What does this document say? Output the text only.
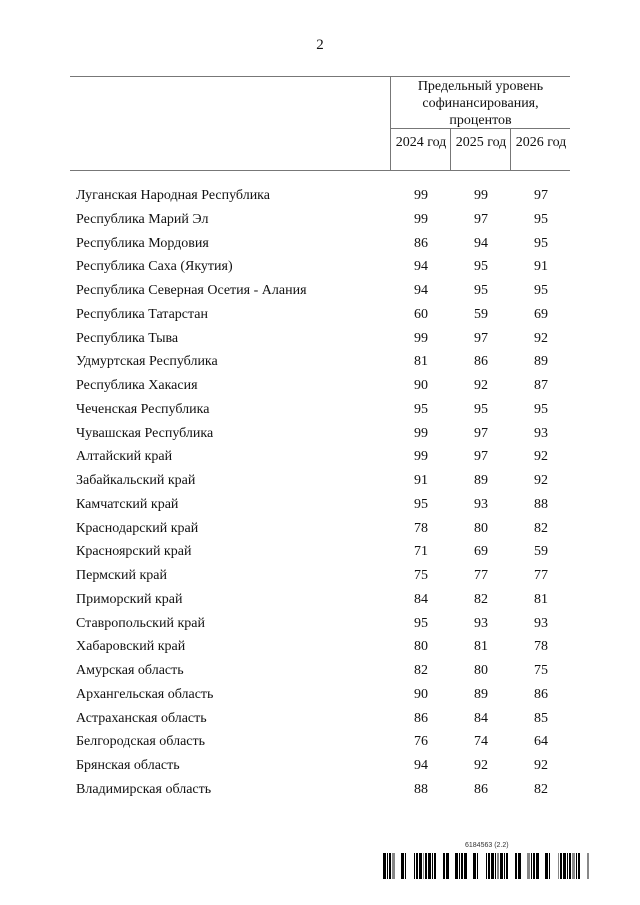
2
Предельный уровень софинансирования, процентов
2024 год 2025 год 2026 год
Луганская Народная Республика	99	99	97
Республика Марий Эл	99	97	95
Республика Мордовия	86	94	95
Республика Саха (Якутия)	94	95	91
Республика Северная Осетия - Алания	94	95	95
Республика Татарстан	60	59	69
Республика Тыва	99	97	92
Удмуртская Республика	81	86	89
Республика Хакасия	90	92	87
Чеченская Республика	95	95	95
Чувашская Республика	99	97	93
Алтайский край	99	97	92
Забайкальский край	91	89	92
Камчатский край	95	93	88
Краснодарский край	78	80	82
Красноярский край	71	69	59
Пермский край	75	77	77
Приморский край	84	82	81
Ставропольский край	95	93	93
Хабаровский край	80	81	78
Амурская область	82	80	75
Архангельская область	90	89	86
Астраханская область	86	84	85
Белгородская область	76	74	64
Брянская область	94	92	92
Владимирская область	88	86	82
6184563 (2.2)
